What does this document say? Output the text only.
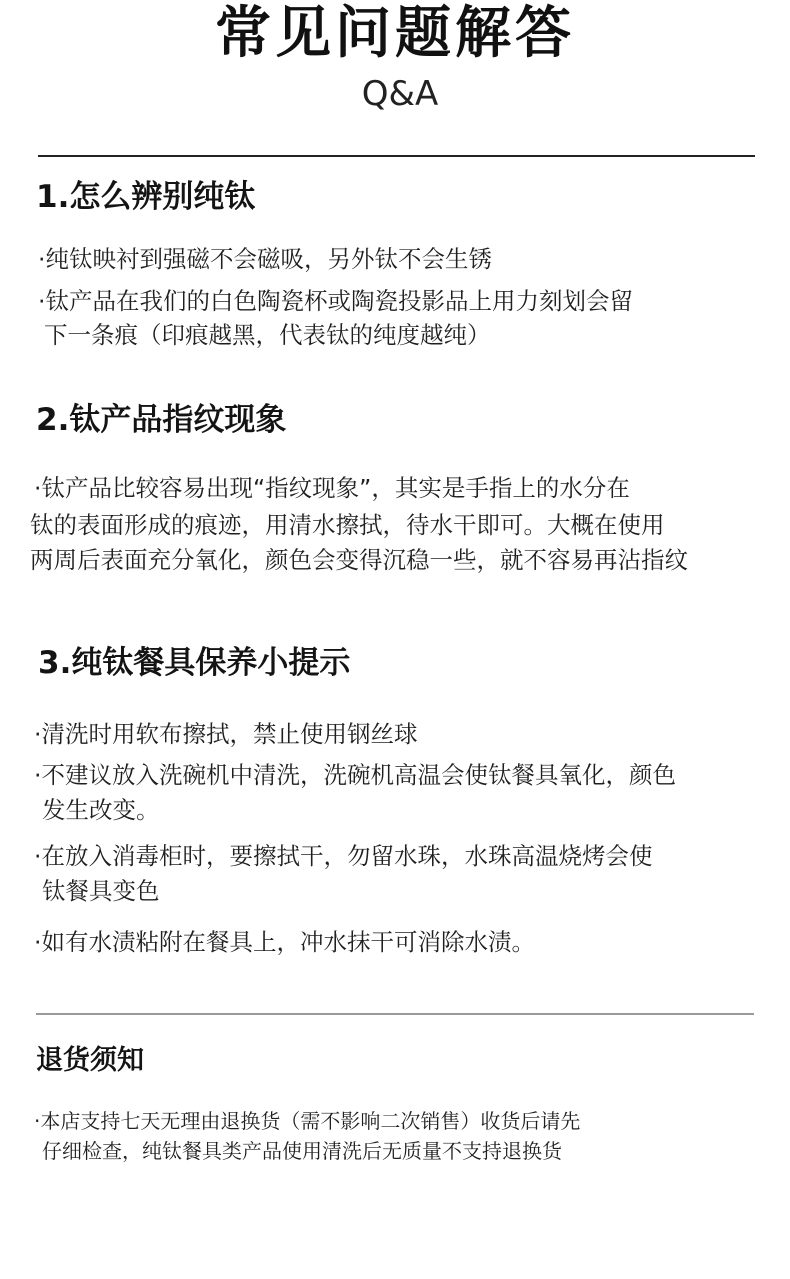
常见问题解答
Q&A
1.怎么辨别纯钛
·纯钛映衬到强磁不会磁吸，另外钛不会生锈
·钛产品在我们的白色陶瓷杯或陶瓷投影品上用力刻划会留
下一条痕（印痕越黑，代表钛的纯度越纯）
2.钛产品指纹现象
·钛产品比较容易出现“指纹现象”，其实是手指上的水分在
钛的表面形成的痕迹，用清水擦拭，待水干即可。大概在使用
两周后表面充分氧化，颜色会变得沉稳一些，就不容易再沾指纹
3.纯钛餐具保养小提示
·清洗时用软布擦拭，禁止使用钢丝球
·不建议放入洗碗机中清洗，洗碗机高温会使钛餐具氧化，颜色
发生改变。
·在放入消毒柜时，要擦拭干，勿留水珠，水珠高温烧烤会使
钛餐具变色
·如有水渍粘附在餐具上，冲水抹干可消除水渍。
退货须知
·本店支持七天无理由退换货（需不影响二次销售）收货后请先
仔细检查，纯钛餐具类产品使用清洗后无质量不支持退换货
